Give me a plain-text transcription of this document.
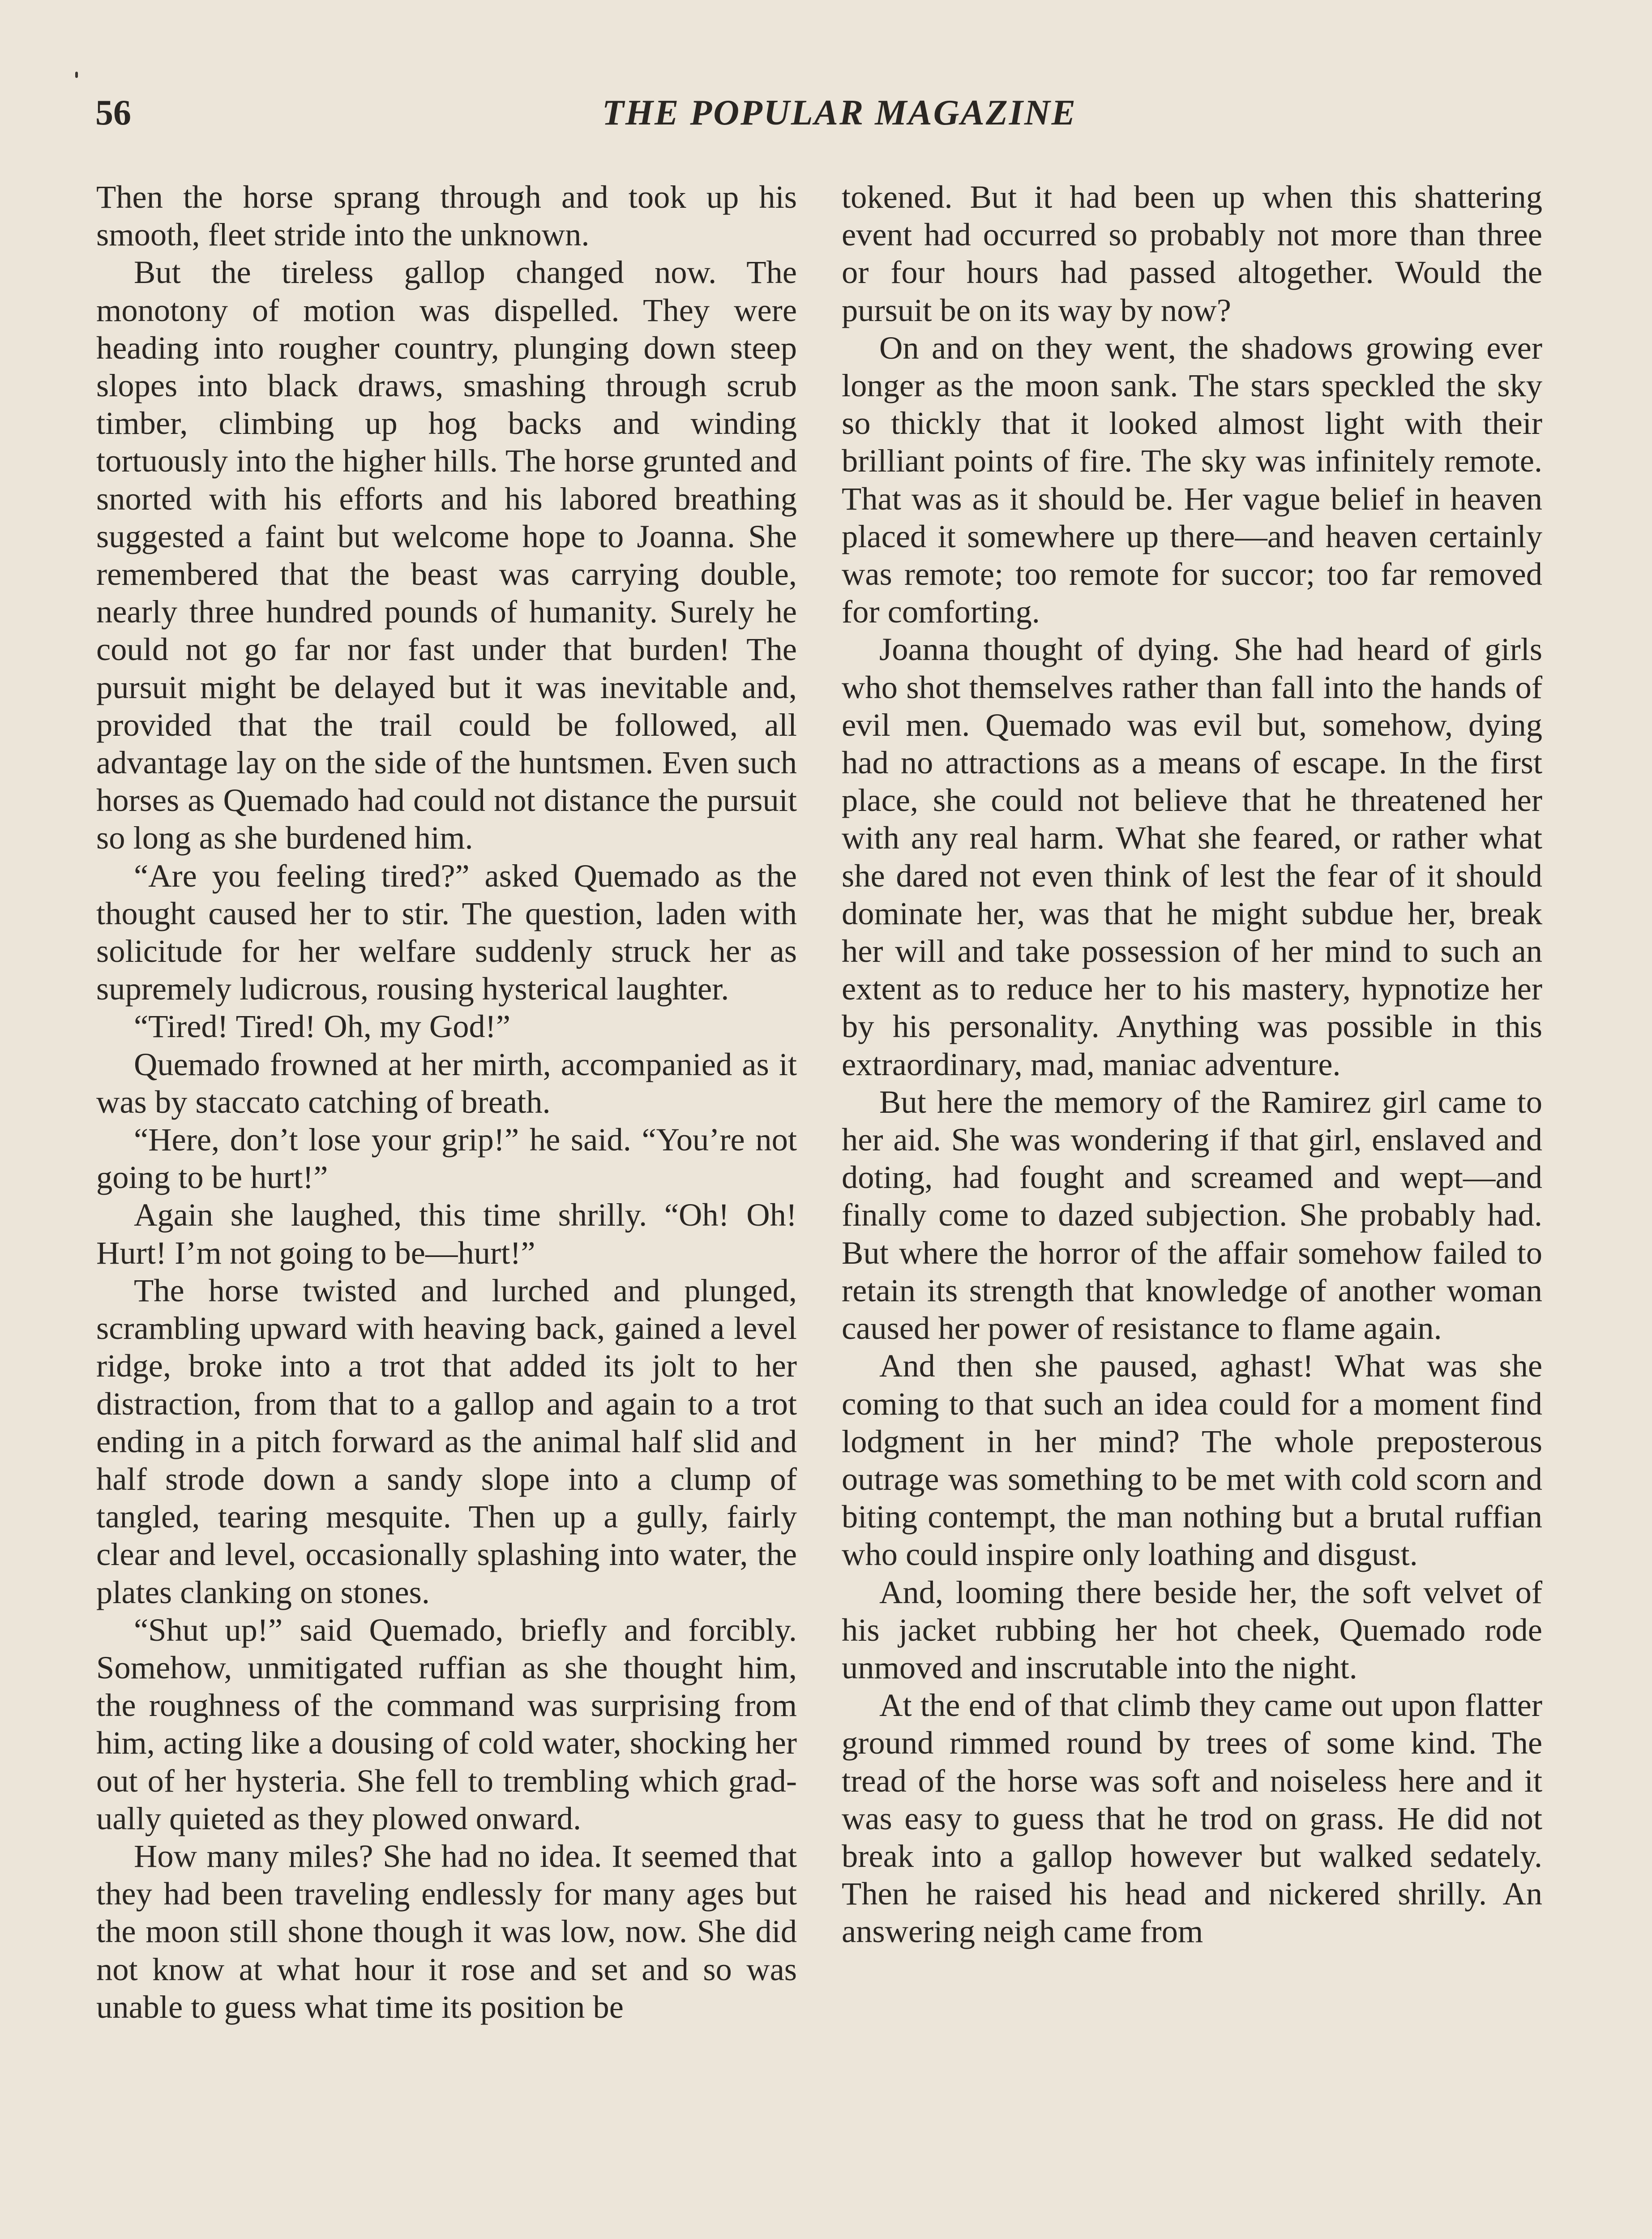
56	THE POPULAR MAGAZINE

Then the horse sprang through and took up his smooth, fleet stride into the unknown.

But the tireless gallop changed now. The monotony of motion was dispelled. They were heading into rougher country, plunging down steep slopes into black draws, smashing through scrub timber, climbing up hog backs and winding tortuously into the higher hills. The horse grunted and snorted with his efforts and his labored breathing suggested a faint but welcome hope to Joanna. She remembered that the beast was carrying double, nearly three hundred pounds of humanity. Surely he could not go far nor fast under that burden! The pursuit might be delayed but it was inevitable and, provided that the trail could be followed, all advantage lay on the side of the huntsmen. Even such horses as Quemado had could not distance the pursuit so long as she burdened him.

“Are you feeling tired?” asked Quemado as the thought caused her to stir. The question, laden with solicitude for her welfare suddenly struck her as supremely ludicrous, rousing hysterical laughter.

“Tired! Tired! Oh, my God!”

Quemado frowned at her mirth, accompanied as it was by staccato catching of breath.

“Here, don’t lose your grip!” he said. “You’re not going to be hurt!”

Again she laughed, this time shrilly. “Oh! Oh! Hurt! I’m not going to be—hurt!”

The horse twisted and lurched and plunged, scrambling upward with heaving back, gained a level ridge, broke into a trot that added its jolt to her distraction, from that to a gallop and again to a trot ending in a pitch forward as the animal half slid and half strode down a sandy slope into a clump of tangled, tearing mesquite. Then up a gully, fairly clear and level, occasionally splashing into water, the plates clanking on stones.

“Shut up!” said Quemado, briefly and forcibly. Somehow, unmitigated ruffian as she thought him, the roughness of the command was surprising from him, acting like a dousing of cold water, shocking her out of her hysteria. She fell to trembling which gradually quieted as they plowed onward.

How many miles? She had no idea. It seemed that they had been traveling endlessly for many ages but the moon still shone though it was low, now. She did not know at what hour it rose and set and so was unable to guess what time its position be

tokened. But it had been up when this shattering event had occurred so probably not more than three or four hours had passed altogether. Would the pursuit be on its way by now?

On and on they went, the shadows growing ever longer as the moon sank. The stars speckled the sky so thickly that it looked almost light with their brilliant points of fire. The sky was infinitely remote. That was as it should be. Her vague belief in heaven placed it somewhere up there—and heaven certainly was remote; too remote for succor; too far removed for comforting.

Joanna thought of dying. She had heard of girls who shot themselves rather than fall into the hands of evil men. Quemado was evil but, somehow, dying had no attractions as a means of escape. In the first place, she could not believe that he threatened her with any real harm. What she feared, or rather what she dared not even think of lest the fear of it should dominate her, was that he might subdue her, break her will and take possession of her mind to such an extent as to reduce her to his mastery, hypnotize her by his personality. Anything was possible in this extraordinary, mad, maniac adventure.

But here the memory of the Ramirez girl came to her aid. She was wondering if that girl, enslaved and doting, had fought and screamed and wept—and finally come to dazed subjection. She probably had. But where the horror of the affair somehow failed to retain its strength that knowledge of another woman caused her power of resistance to flame again.

And then she paused, aghast! What was she coming to that such an idea could for a moment find lodgment in her mind? The whole preposterous outrage was something to be met with cold scorn and biting contempt, the man nothing but a brutal ruffian who could inspire only loathing and disgust.

And, looming there beside her, the soft velvet of his jacket rubbing her hot cheek, Quemado rode unmoved and inscrutable into the night.

At the end of that climb they came out upon flatter ground rimmed round by trees of some kind. The tread of the horse was soft and noiseless here and it was easy to guess that he trod on grass. He did not break into a gallop however but walked sedately. Then he raised his head and nickered shrilly. An answering neigh came from
